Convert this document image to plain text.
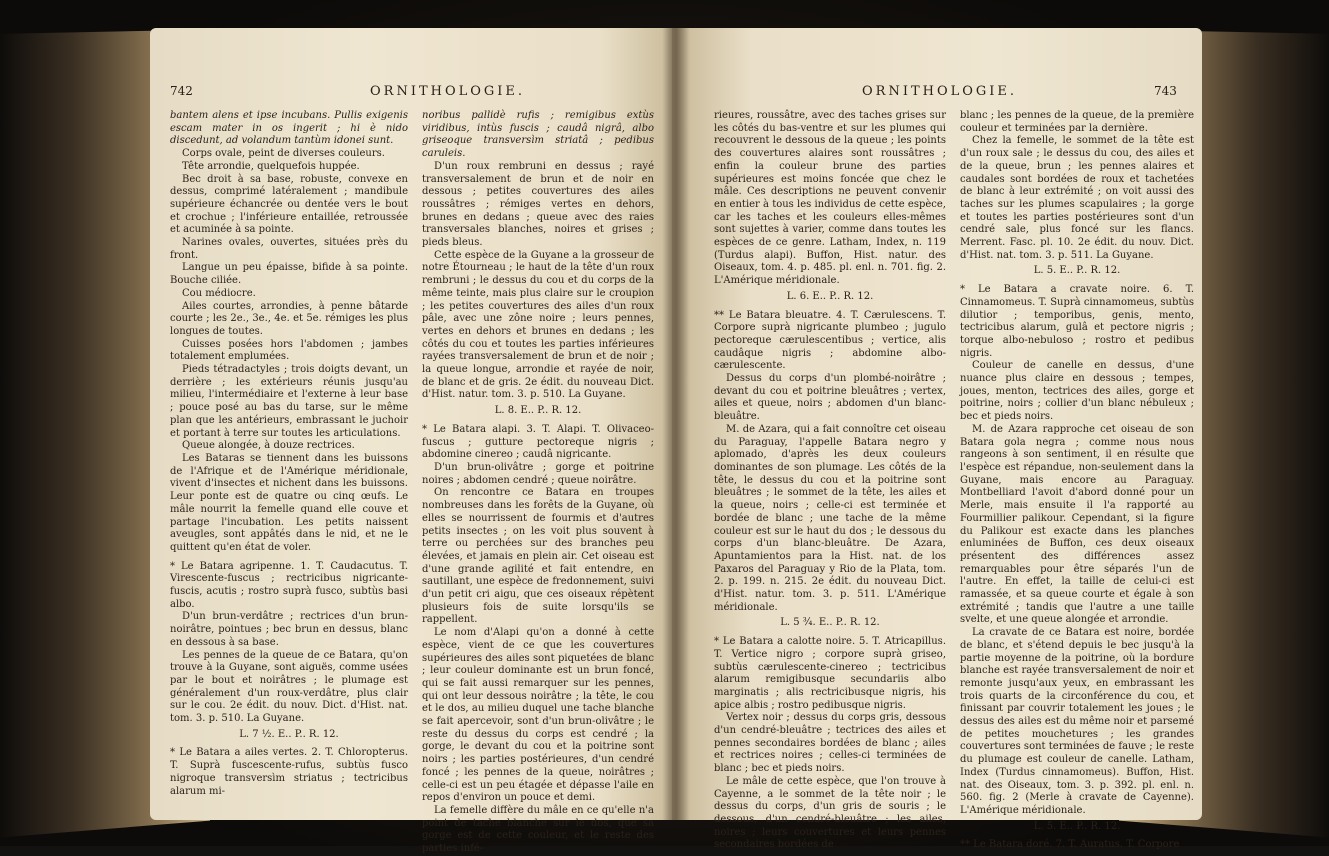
742	ORNITHOLOGIE.

bantem alens et ipse incubans. Pullis exigenis escam mater in os ingerit ; hi è nido discedunt, ad volandum tantùm idonei sunt.

Corps ovale, peint de diverses couleurs.

Tête arrondie, quelquefois huppée.

Bec droit à sa base, robuste, convexe en dessus, comprimé latéralement ; mandibule supérieure échancrée ou dentée vers le bout et crochue ; l'inférieure entaillée, retroussée et acuminée à sa pointe.

Narines ovales, ouvertes, situées près du front.

Langue un peu épaisse, bifide à sa pointe. Bouche ciliée.

Cou médiocre.

Ailes courtes, arrondies, à penne bâtarde courte ; les 2e., 3e., 4e. et 5e. rémiges les plus longues de toutes.

Cuisses posées hors l'abdomen ; jambes totalement emplumées.

Pieds tétradactyles ; trois doigts devant, un derrière ; les extérieurs réunis jusqu'au milieu, l'intermédiaire et l'externe à leur base ; pouce posé au bas du tarse, sur le même plan que les antérieurs, embrassant le juchoir et portant à terre sur toutes les articulations.

Queue alongée, à douze rectrices.

Les Bataras se tiennent dans les buissons de l'Afrique et de l'Amérique méridionale, vivent d'insectes et nichent dans les buissons. Leur ponte est de quatre ou cinq œufs. Le mâle nourrit la femelle quand elle couve et partage l'incubation. Les petits naissent aveugles, sont appâtés dans le nid, et ne le quittent qu'en état de voler.

* Le Batara agripenne. 1. T. Caudacutus. T. Virescente-fuscus ; rectricibus nigricante-fuscis, acutis ; rostro suprà fusco, subtùs basi albo.

D'un brun-verdâtre ; rectrices d'un brun-noirâtre, pointues ; bec brun en dessus, blanc en dessous à sa base.

Les pennes de la queue de ce Batara, qu'on trouve à la Guyane, sont aiguës, comme usées par le bout et noirâtres ; le plumage est généralement d'un roux-verdâtre, plus clair sur le cou. 2e édit. du nouv. Dict. d'Hist. nat. tom. 3. p. 510. La Guyane.

L. 7 ½. E.. P.. R. 12.

* Le Batara a ailes vertes. 2. T. Chloropterus. T. Suprà fuscescente-rufus, subtùs fusco nigroque transversìm striatus ; tectricibus alarum mi-

noribus pallidè rufis ; remigibus extùs viridibus, intùs fuscis ; caudâ nigrâ, albo griseoque transversìm striatâ ; pedibus caruleis.

D'un roux rembruni en dessus ; rayé transversalement de brun et de noir en dessous ; petites couvertures des ailes roussâtres ; rémiges vertes en dehors, brunes en dedans ; queue avec des raies transversales blanches, noires et grises ; pieds bleus.

Cette espèce de la Guyane a la grosseur de notre Étourneau ; le haut de la tête d'un roux rembruni ; le dessus du cou et du corps de la même teinte, mais plus claire sur le croupion ; les petites couvertures des ailes d'un roux pâle, avec une zône noire ; leurs pennes, vertes en dehors et brunes en dedans ; les côtés du cou et toutes les parties inférieures rayées transversalement de brun et de noir ; la queue longue, arrondie et rayée de noir, de blanc et de gris. 2e édit. du nouveau Dict. d'Hist. natur. tom. 3. p. 510. La Guyane.

L. 8. E.. P.. R. 12.

* Le Batara alapi. 3. T. Alapi. T. Olivaceo-fuscus ; gutture pectoreque nigris ; abdomine cinereo ; caudâ nigricante.

D'un brun-olivâtre ; gorge et poitrine noires ; abdomen cendré ; queue noirâtre.

On rencontre ce Batara en troupes nombreuses dans les forêts de la Guyane, où elles se nourrissent de fourmis et d'autres petits insectes ; on les voit plus souvent à terre ou perchées sur des branches peu élevées, et jamais en plein air. Cet oiseau est d'une grande agilité et fait entendre, en sautillant, une espèce de fredonnement, suivi d'un petit cri aigu, que ces oiseaux répètent plusieurs fois de suite lorsqu'ils se rappellent.

Le nom d'Alapi qu'on a donné à cette espèce, vient de ce que les couvertures supérieures des ailes sont piquetées de blanc ; leur couleur dominante est un brun foncé, qui se fait aussi remarquer sur les pennes, qui ont leur dessous noirâtre ; la tête, le cou et le dos, au milieu duquel une tache blanche se fait apercevoir, sont d'un brun-olivâtre ; le reste du dessus du corps est cendré ; la gorge, le devant du cou et la poitrine sont noirs ; les parties postérieures, d'un cendré foncé ; les pennes de la queue, noirâtres ; celle-ci est un peu étagée et dépasse l'aile en repos d'environ un pouce et demi.

La femelle diffère du mâle en ce qu'elle n'a point de tache blanche sur le dos, que sa gorge est de cette couleur, et le reste des parties infé-

ORNITHOLOGIE.	743

rieures, roussâtre, avec des taches grises sur les côtés du bas-ventre et sur les plumes qui recouvrent le dessous de la queue ; les points des couvertures alaires sont roussâtres ; enfin la couleur brune des parties supérieures est moins foncée que chez le mâle. Ces descriptions ne peuvent convenir en entier à tous les individus de cette espèce, car les taches et les couleurs elles-mêmes sont sujettes à varier, comme dans toutes les espèces de ce genre. Latham, Index, n. 119 (Turdus alapi). Buffon, Hist. natur. des Oiseaux, tom. 4. p. 485. pl. enl. n. 701. fig. 2. L'Amérique méridionale.

L. 6. E.. P.. R. 12.

** Le Batara bleuatre. 4. T. Cærulescens. T. Corpore suprà nigricante plumbeo ; jugulo pectoreque cærulescentibus ; vertice, alis caudâque nigris ; abdomine albo-cærulescente.

Dessus du corps d'un plombé-noirâtre ; devant du cou et poitrine bleuâtres ; vertex, ailes et queue, noirs ; abdomen d'un blanc-bleuâtre.

M. de Azara, qui a fait connoître cet oiseau du Paraguay, l'appelle Batara negro y aplomado, d'après les deux couleurs dominantes de son plumage. Les côtés de la tête, le dessus du cou et la poitrine sont bleuâtres ; le sommet de la tête, les ailes et la queue, noirs ; celle-ci est terminée et bordée de blanc ; une tache de la même couleur est sur le haut du dos ; le dessous du corps d'un blanc-bleuâtre. De Azara, Apuntamientos para la Hist. nat. de los Paxaros del Paraguay y Rio de la Plata, tom. 2. p. 199. n. 215. 2e édit. du nouveau Dict. d'Hist. natur. tom. 3. p. 511. L'Amérique méridionale.

L. 5 ¾. E.. P.. R. 12.

* Le Batara a calotte noire. 5. T. Atricapillus. T. Vertice nigro ; corpore suprà griseo, subtùs cærulescente-cinereo ; tectricibus alarum remigibusque secundariis albo marginatis ; alis rectricibusque nigris, his apice albis ; rostro pedibusque nigris.

Vertex noir ; dessus du corps gris, dessous d'un cendré-bleuâtre ; tectrices des ailes et pennes secondaires bordées de blanc ; ailes et rectrices noires ; celles-ci terminées de blanc ; bec et pieds noirs.

Le mâle de cette espèce, que l'on trouve à Cayenne, a le sommet de la tête noir ; le dessus du corps, d'un gris de souris ; le dessous, d'un cendré-bleuâtre ; les ailes, noires ; leurs couvertures et leurs pennes secondaires bordées de

blanc ; les pennes de la queue, de la première couleur et terminées par la dernière.

Chez la femelle, le sommet de la tête est d'un roux sale ; le dessus du cou, des ailes et de la queue, brun ; les pennes alaires et caudales sont bordées de roux et tachetées de blanc à leur extrémité ; on voit aussi des taches sur les plumes scapulaires ; la gorge et toutes les parties postérieures sont d'un cendré sale, plus foncé sur les flancs. Merrent. Fasc. pl. 10. 2e édit. du nouv. Dict. d'Hist. nat. tom. 3. p. 511. La Guyane.

L. 5. E.. P.. R. 12.

* Le Batara a cravate noire. 6. T. Cinnamomeus. T. Suprà cinnamomeus, subtùs dilutior ; temporibus, genis, mento, tectricibus alarum, gulâ et pectore nigris ; torque albo-nebuloso ; rostro et pedibus nigris.

Couleur de canelle en dessus, d'une nuance plus claire en dessous ; tempes, joues, menton, tectrices des ailes, gorge et poitrine, noirs ; collier d'un blanc nébuleux ; bec et pieds noirs.

M. de Azara rapproche cet oiseau de son Batara gola negra ; comme nous nous rangeons à son sentiment, il en résulte que l'espèce est répandue, non-seulement dans la Guyane, mais encore au Paraguay. Montbelliard l'avoit d'abord donné pour un Merle, mais ensuite il l'a rapporté au Fourmillier palikour. Cependant, si la figure du Palikour est exacte dans les planches enluminées de Buffon, ces deux oiseaux présentent des différences assez remarquables pour être séparés l'un de l'autre. En effet, la taille de celui-ci est ramassée, et sa queue courte et égale à son extrémité ; tandis que l'autre a une taille svelte, et une queue alongée et arrondie.

La cravate de ce Batara est noire, bordée de blanc, et s'étend depuis le bec jusqu'à la partie moyenne de la poitrine, où la bordure blanche est rayée transversalement de noir et remonte jusqu'aux yeux, en embrassant les trois quarts de la circonférence du cou, et finissant par couvrir totalement les joues ; le dessus des ailes est du même noir et parsemé de petites mouchetures ; les grandes couvertures sont terminées de fauve ; le reste du plumage est couleur de canelle. Latham, Index (Turdus cinnamomeus). Buffon, Hist. nat. des Oiseaux, tom. 3. p. 392. pl. enl. n. 560. fig. 2 (Merle à cravate de Cayenne). L'Amérique méridionale.

L. 5. E.. P.. R. 12.

** Le Batara doré. 7. T. Auratus. T. Corpore
